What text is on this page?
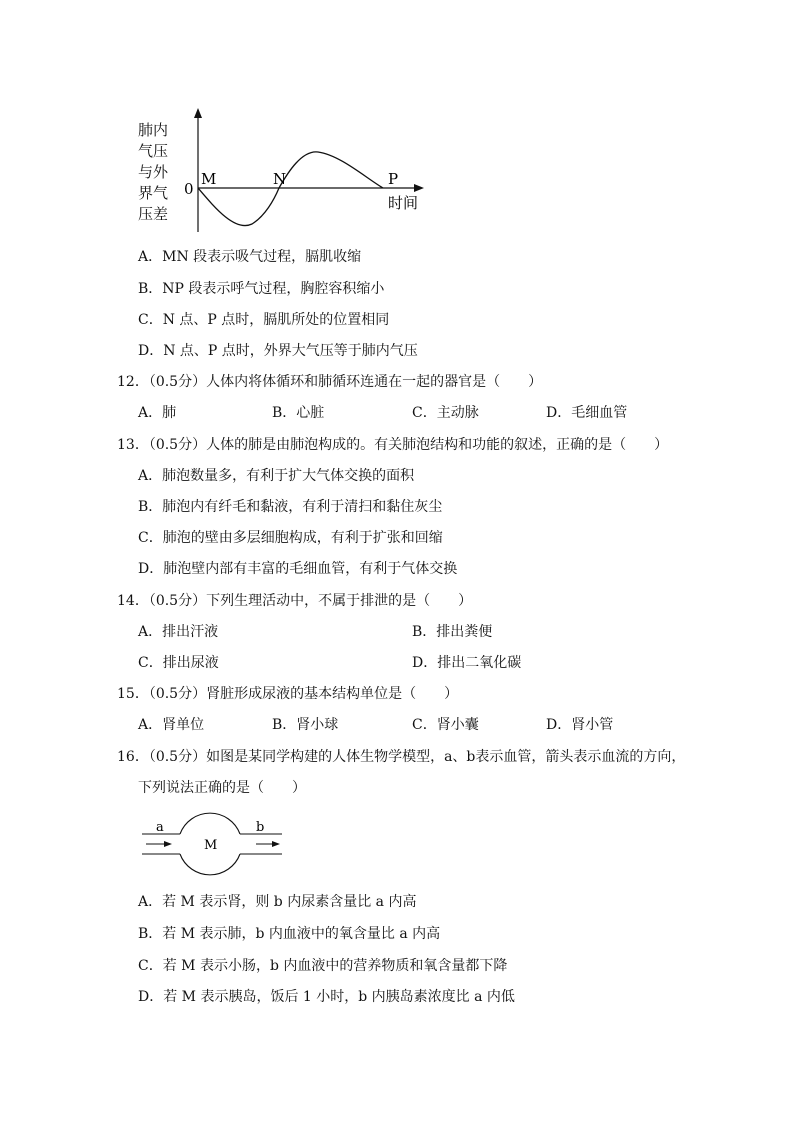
肺内
气压
与外
界气
压差
0
M	N	P
时间
A．MN 段表示吸气过程，膈肌收缩
B．NP 段表示呼气过程，胸腔容积缩小
C．N 点、P 点时，膈肌所处的位置相同
D．N 点、P 点时，外界大气压等于肺内气压
12．（0.5分）人体内将体循环和肺循环连通在一起的器官是（　　）
A．肺	B．心脏	C．主动脉	D．毛细血管
13．（0.5分）人体的肺是由肺泡构成的。有关肺泡结构和功能的叙述，正确的是（　　）
A．肺泡数量多，有利于扩大气体交换的面积
B．肺泡内有纤毛和黏液，有利于清扫和黏住灰尘
C．肺泡的壁由多层细胞构成，有利于扩张和回缩
D．肺泡壁内部有丰富的毛细血管，有利于气体交换
14．（0.5分）下列生理活动中，不属于排泄的是（　　）
A．排出汗液	B．排出粪便
C．排出尿液	D．排出二氧化碳
15．（0.5分）肾脏形成尿液的基本结构单位是（　　）
A．肾单位	B．肾小球	C．肾小囊	D．肾小管
16．（0.5分）如图是某同学构建的人体生物学模型，a、b表示血管，箭头表示血流的方向，
下列说法正确的是（　　）
a	b
M
A．若 M 表示肾，则 b 内尿素含量比 a 内高
B．若 M 表示肺，b 内血液中的氧含量比 a 内高
C．若 M 表示小肠，b 内血液中的营养物质和氧含量都下降
D．若 M 表示胰岛，饭后 1 小时，b 内胰岛素浓度比 a 内低
